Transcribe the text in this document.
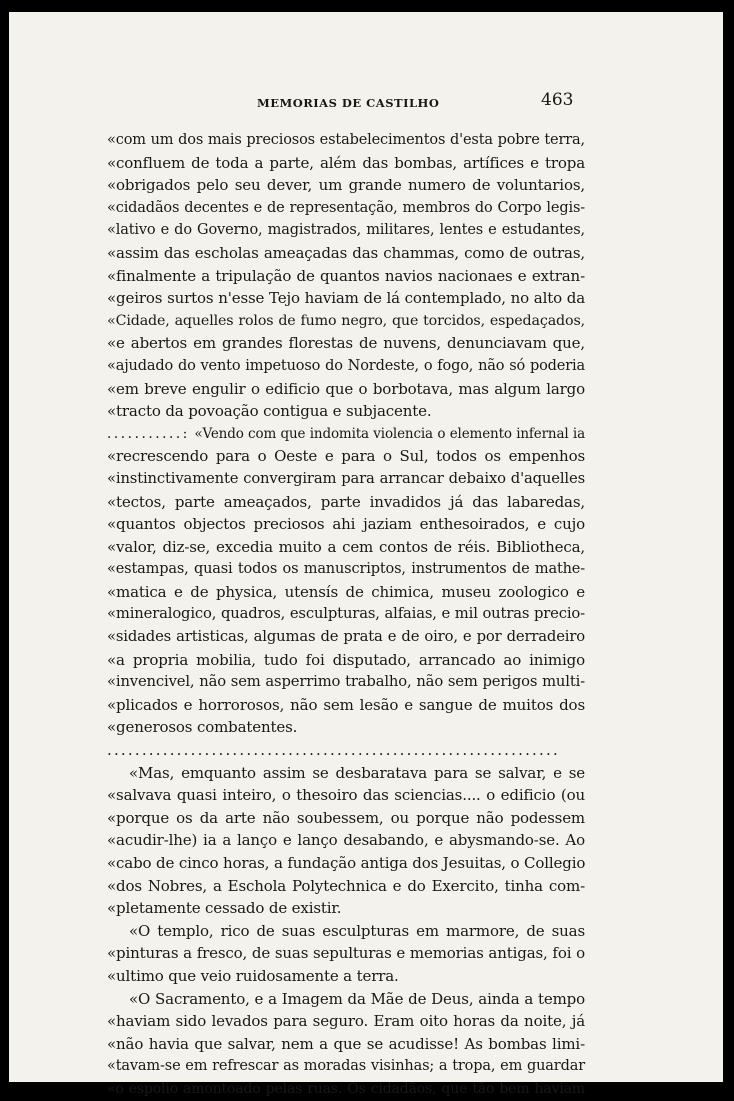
MEMORIAS DE CASTILHO	463
«com um dos mais preciosos estabelecimentos d'esta pobre terra,
«confluem de toda a parte, além das bombas, artífices e tropa
«obrigados pelo seu dever, um grande numero de voluntarios,
«cidadãos decentes e de representação, membros do Corpo legis-
«lativo e do Governo, magistrados, militares, lentes e estudantes,
«assim das escholas ameaçadas das chammas, como de outras,
«finalmente a tripulação de quantos navios nacionaes e extran-
«geiros surtos n'esse Tejo haviam de lá contemplado, no alto da
«Cidade, aquelles rolos de fumo negro, que torcidos, espedaçados,
«e abertos em grandes florestas de nuvens, denunciavam que,
«ajudado do vento impetuoso do Nordeste, o fogo, não só poderia
«em breve engulir o edificio que o borbotava, mas algum largo
«tracto da povoação contigua e subjacente.
...........: «Vendo com que indomita violencia o elemento infernal ia
«recrescendo para o Oeste e para o Sul, todos os empenhos
«instinctivamente convergiram para arrancar debaixo d'aquelles
«tectos, parte ameaçados, parte invadidos já das labaredas,
«quantos objectos preciosos ahi jaziam enthesoirados, e cujo
«valor, diz-se, excedia muito a cem contos de réis. Bibliotheca,
«estampas, quasi todos os manuscriptos, instrumentos de mathe-
«matica e de physica, utensís de chimica, museu zoologico e
«mineralogico, quadros, esculpturas, alfaias, e mil outras precio-
«sidades artisticas, algumas de prata e de oiro, e por derradeiro
«a propria mobilia, tudo foi disputado, arrancado ao inimigo
«invencivel, não sem asperrimo trabalho, não sem perigos multi-
«plicados e horrorosos, não sem lesão e sangue de muitos dos
«generosos combatentes.
.................................................................
«Mas, emquanto assim se desbaratava para se salvar, e se
«salvava quasi inteiro, o thesoiro das sciencias.... o edificio (ou
«porque os da arte não soubessem, ou porque não podessem
«acudir-lhe) ia a lanço e lanço desabando, e abysmando-se. Ao
«cabo de cinco horas, a fundação antiga dos Jesuitas, o Collegio
«dos Nobres, a Eschola Polytechnica e do Exercito, tinha com-
«pletamente cessado de existir.
«O templo, rico de suas esculpturas em marmore, de suas
«pinturas a fresco, de suas sepulturas e memorias antigas, foi o
«ultimo que veio ruidosamente a terra.
«O Sacramento, e a Imagem da Mãe de Deus, ainda a tempo
«haviam sido levados para seguro. Eram oito horas da noite, já
«não havia que salvar, nem a que se acudisse! As bombas limi-
«tavam-se em refrescar as moradas visinhas; a tropa, em guardar
«o espolio amontoado pelas ruas. Os cidadãos, que tão bem haviam
